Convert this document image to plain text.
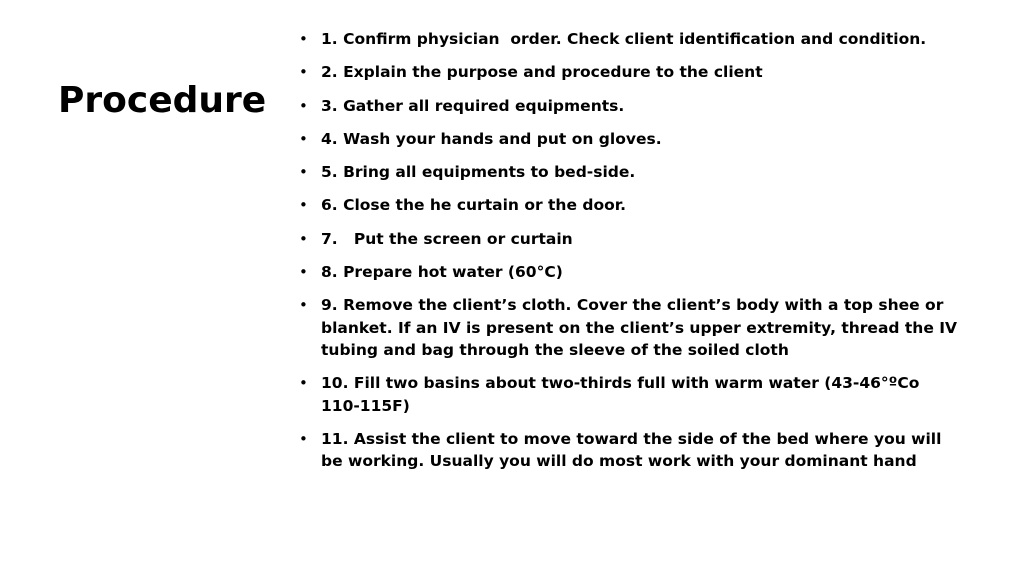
Procedure
• 1. Confirm physician  order. Check client identification and condition.
• 2. Explain the purpose and procedure to the client
• 3. Gather all required equipments.
• 4. Wash your hands and put on gloves.
• 5. Bring all equipments to bed-side.
• 6. Close the he curtain or the door.
• 7.   Put the screen or curtain
• 8. Prepare hot water (60°C)
• 9. Remove the client’s cloth. Cover the client’s body with a top shee or blanket. If an IV is present on the client’s upper extremity, thread the IV tubing and bag through the sleeve of the soiled cloth
• 10. Fill two basins about two-thirds full with warm water (43-46°ºCo 110-115F)
• 11. Assist the client to move toward the side of the bed where you will be working. Usually you will do most work with your dominant hand
